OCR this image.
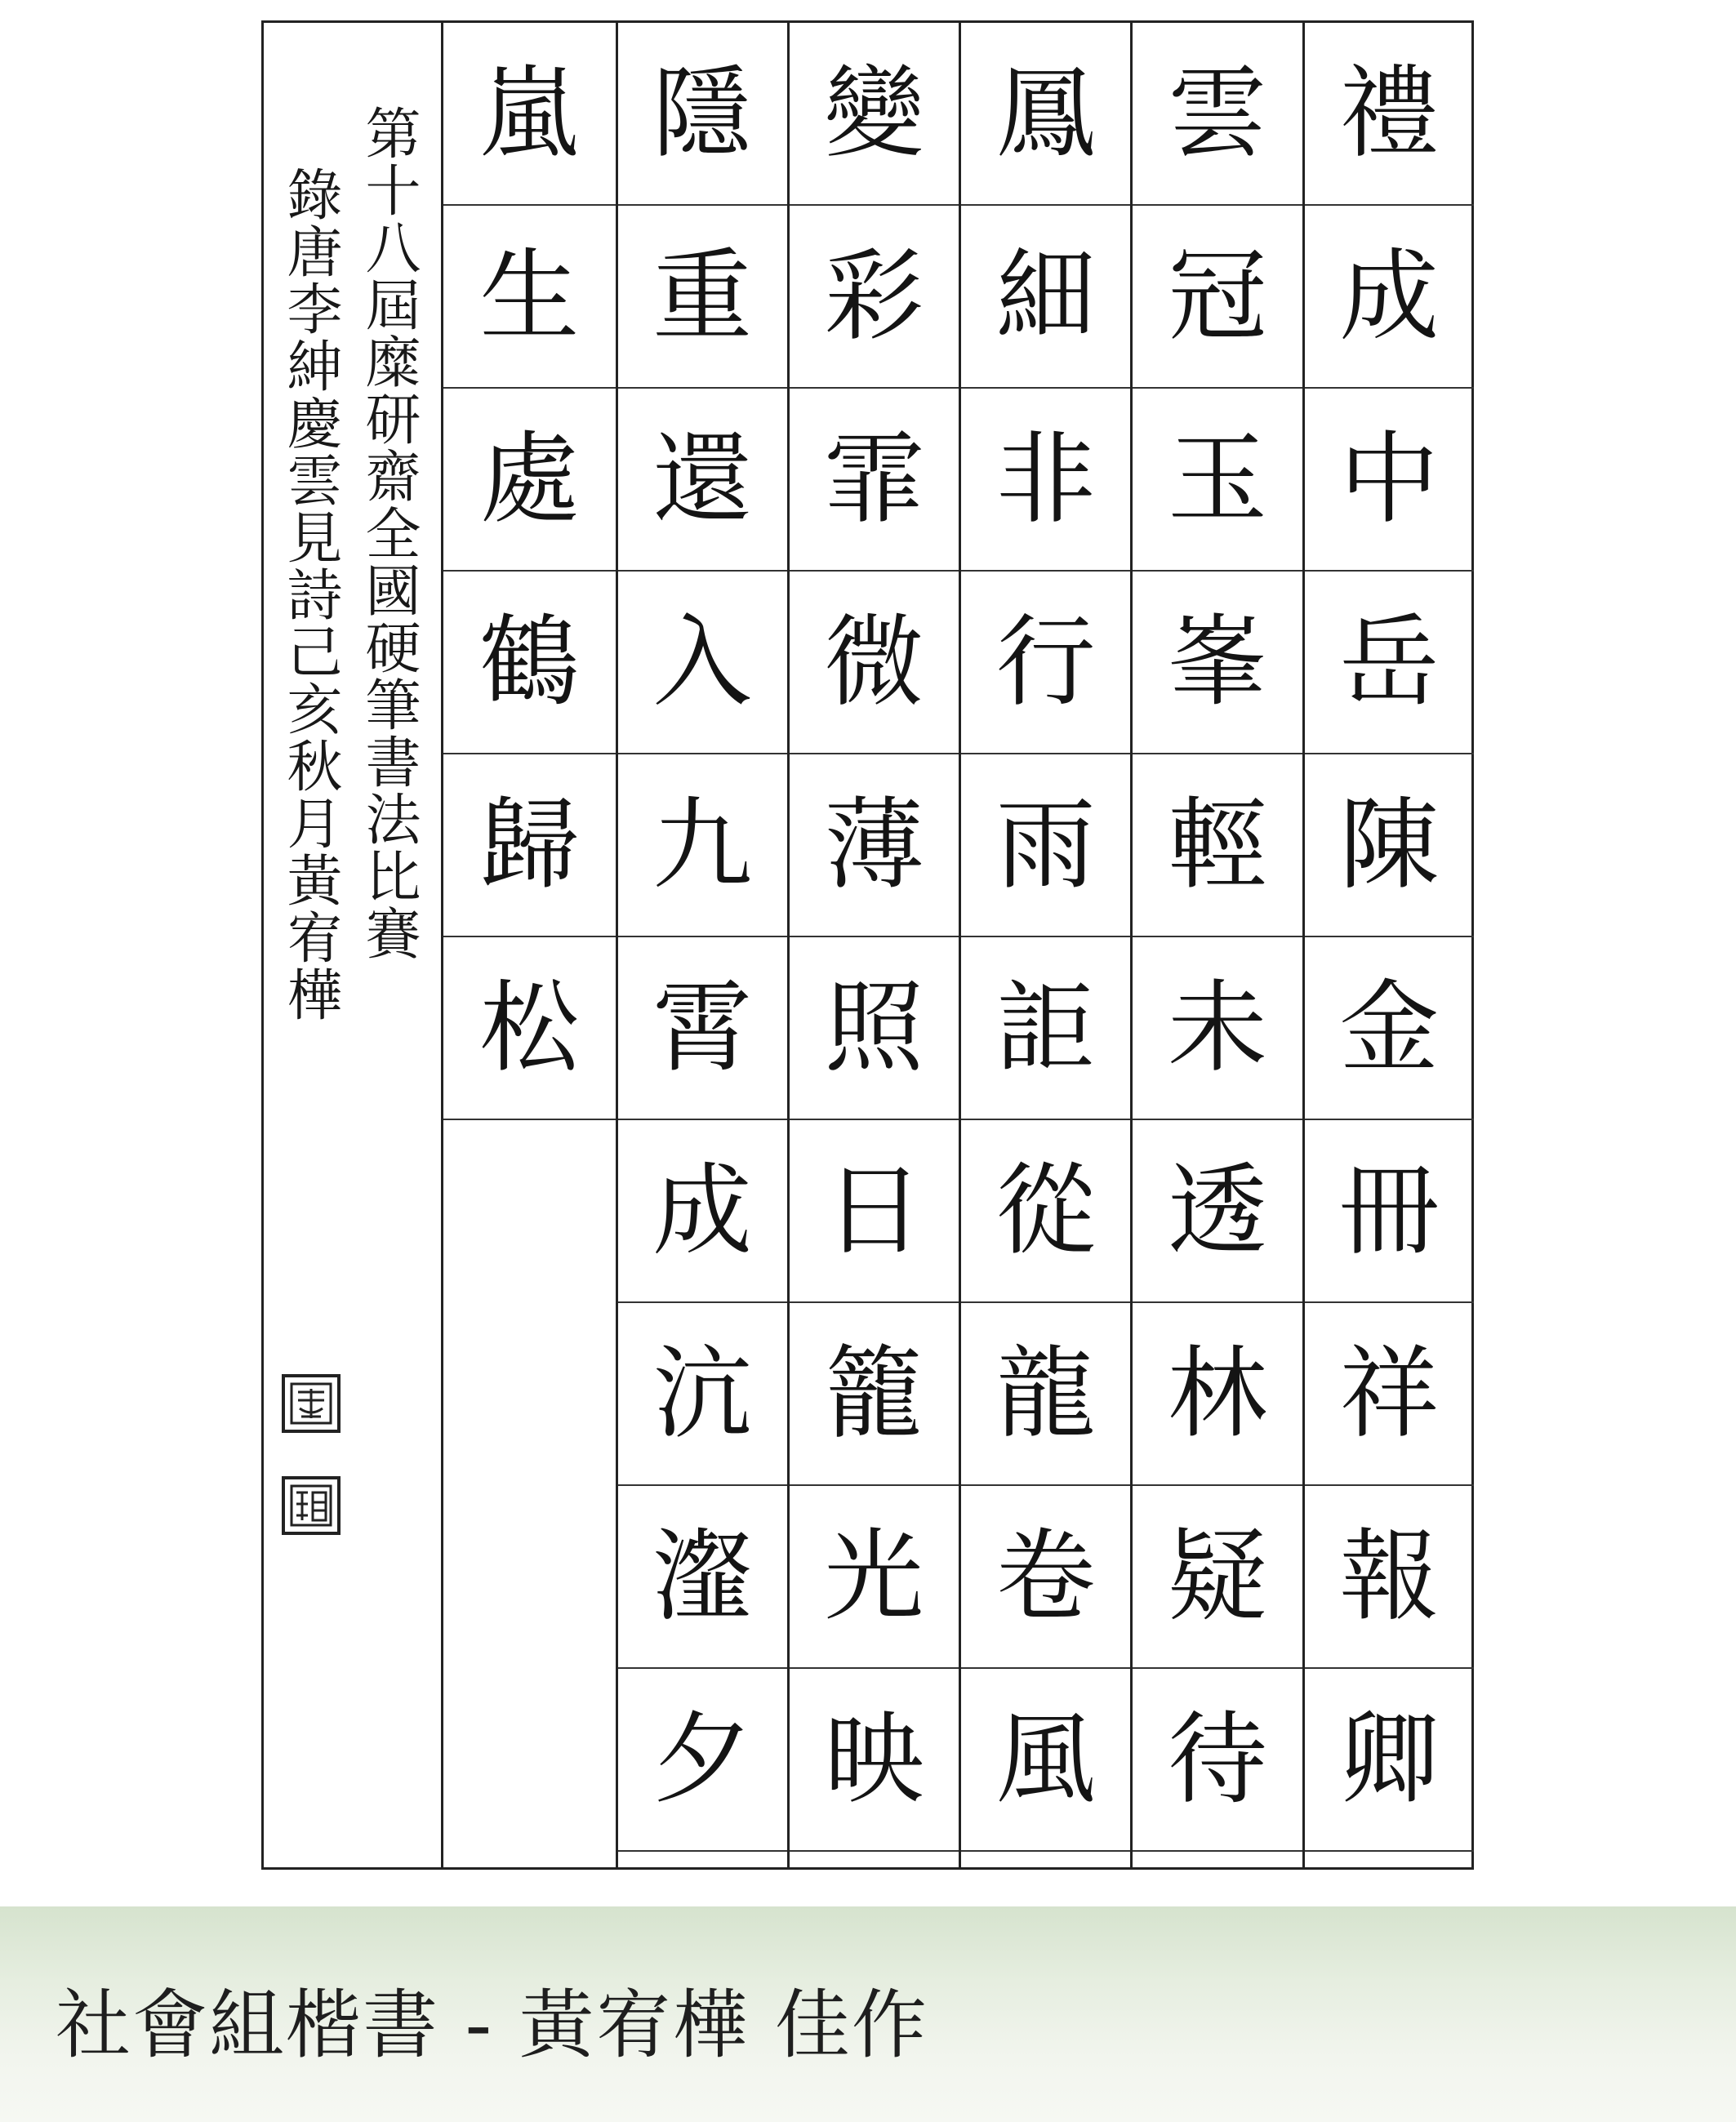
禮
成
中
岳
陳
金
冊
祥
報
卿
雲
冠
玉
峯
輕
未
透
林
疑
待
鳳
細
非
行
雨
詎
從
龍
卷
風
變
彩
霏
微
薄
照
日
籠
光
映
隱
重
還
入
九
霄
成
沆
瀣
夕
嵐
生
處
鶴
歸
松
第十八屆糜研齋全國硬筆書法比賽
錄唐李紳慶雲見詩己亥秋月黃宥樺
社會組楷書 - 黃宥樺 佳作
